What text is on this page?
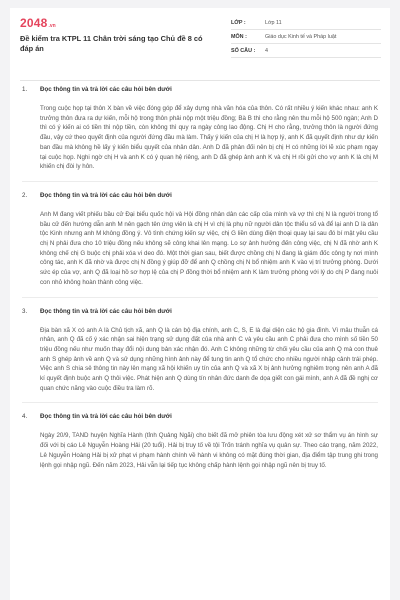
2048 .vn
Đề kiểm tra KTPL 11 Chân trời sáng tạo Chủ đề 8 có đáp án
LỚP :	Lớp 11
MÔN :	Giáo dục Kinh tế và Pháp luật
SỐ CÂU :	4
1. Đọc thông tin và trả lời các câu hỏi bên dưới

Trong cuộc họp tại thôn X bàn về việc đóng góp để xây dựng nhà văn hóa của thôn. Có rất nhiều ý kiến khác nhau: anh K trưởng thôn đưa ra dự kiến, mỗi hộ trong thôn phải nộp một triệu đồng; Bà B thì cho rằng nên thu mỗi hộ 500 ngàn; Anh D thì có ý kiến ai có tiền thì nộp tiền, còn không thì quy ra ngày công lao động. Chị H cho rằng, trưởng thôn là người đứng đầu, vậy cứ theo quyết định của người đứng đầu mà làm. Thấy ý kiến của chị H là hợp lý, anh K đã quyết định như dự kiến ban đầu mà không hề lấy ý kiến biểu quyết của nhân dân. Anh D đã phản đối nên bị chị H có những lời lẽ xúc phạm ngay tại cuộc họp. Nghi ngờ chị H và anh K có ý quan hệ riêng, anh D đã ghép ảnh anh K và chị H rồi gửi cho vợ anh K là chị M khiến chị đòi ly hôn.

2. Đọc thông tin và trả lời các câu hỏi bên dưới

Anh M đang viết phiếu bầu cử Đại biểu quốc hội và Hội đồng nhân dân các cấp của mình và vợ thì chị N là người trong tổ bầu cử đến hướng dẫn anh M nên gạch tên ứng viên là chị H vì chị là phụ nữ người dân tộc thiểu số và để lại anh D là dân tộc Kinh nhưng anh M không đồng ý. Vô tình chứng kiến sự việc, chị G liền dùng điện thoại quay lại sau đó bí mật yêu cầu chị N phải đưa cho 10 triệu đồng nếu không sẽ công khai lên mạng. Lo sợ ảnh hưởng đến công việc, chị N đã nhờ anh K không chế chị G buộc chị phải xóa vi deo đó. Một thời gian sau, biết được chồng chị N đang là giám đốc công ty nơi mình công tác, anh K đã nhờ và được chị N đồng ý giúp đỡ để anh Q chồng chị N bổ nhiệm anh K vào vị trí trưởng phòng. Dưới sức ép của vợ, anh Q đã loại hồ sơ hợp lệ của chị P đồng thời bổ nhiệm anh K làm trưởng phòng với lý do chị P đang nuôi con nhỏ không hoàn thành công việc.

3. Đọc thông tin và trả lời các câu hỏi bên dưới

Địa bàn xã X có anh A là Chủ tịch xã, anh Q là cán bộ địa chính, anh C, S, E là đại diện các hộ gia đình. Vì mâu thuẫn cá nhân, anh Q đã cố ý xác nhận sai hiện trạng sử dụng đất của nhà anh C và yêu cầu anh C phải đưa cho mình số tiền 50 triệu đồng nếu như muốn thay đổi nội dung bản xác nhận đó. Anh C không những từ chối yêu cầu của anh Q mà con thuê anh S ghép ảnh về anh Q và sử dụng những hình ảnh này để tung tin anh Q tổ chức cho nhiều người nhập cảnh trái phép. Việc anh S chia sẻ thông tin này lên mạng xã hội khiến uy tín của anh Q và xã X bị ảnh hưởng nghiêm trọng nên anh A đã kí quyết định buộc anh Q thôi việc. Phát hiện anh Q dùng tín nhân đức danh đe dọa giết con gái mình, anh A đã đề nghị cơ quan chức năng vào cuộc điều tra làm rõ.

4. Đọc thông tin và trả lời các câu hỏi bên dưới

Ngày 20/9, TAND huyện Nghĩa Hành (tỉnh Quảng Ngãi) cho biết đã mở phiên tòa lưu động xét xử sơ thẩm vụ án hình sự đối với bị cáo Lê Nguyễn Hoàng Hải (20 tuổi). Hải bị truy tố về tội Trốn tránh nghĩa vụ quân sự. Theo cáo trạng, năm 2022, Lê Nguyễn Hoàng Hải bị xử phạt vi phạm hành chính về hành vi không có mặt đúng thời gian, địa điểm tập trung ghi trong lệnh gọi nhập ngũ. Đến năm 2023, Hải vẫn lại tiếp tục không chấp hành lệnh gọi nhập ngũ nên bị truy tố.
